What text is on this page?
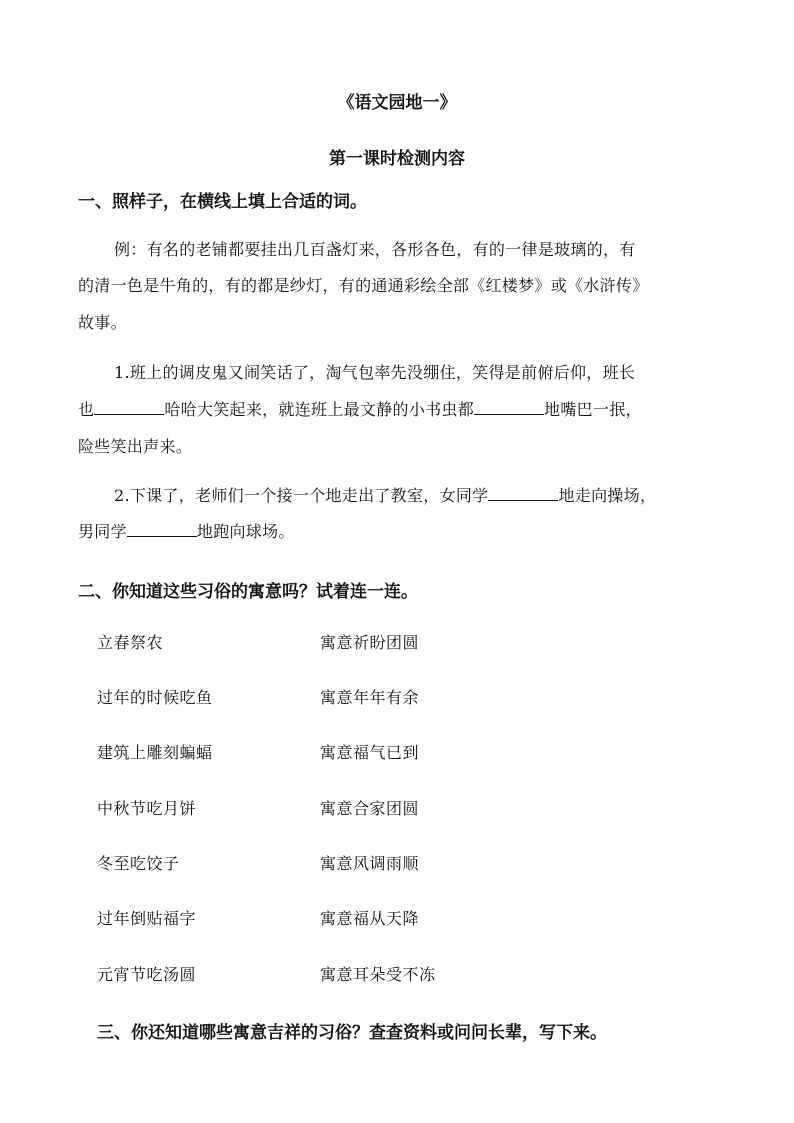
《语文园地一》
第一课时检测内容
一、照样子，在横线上填上合适的词。
例：有名的老铺都要挂出几百盏灯来，各形各色，有的一律是玻璃的，有
的清一色是牛角的，有的都是纱灯，有的通通彩绘全部《红楼梦》或《水浒传》
故事。
1.班上的调皮鬼又闹笑话了，淘气包率先没绷住，笑得是前俯后仰，班长
也	哈哈大笑起来，就连班上最文静的小书虫都	地嘴巴一抿，
险些笑出声来。
2.下课了，老师们一个接一个地走出了教室，女同学	地走向操场，
男同学	地跑向球场。
二、你知道这些习俗的寓意吗？试着连一连。
立春祭农	寓意祈盼团圆
过年的时候吃鱼	寓意年年有余
建筑上雕刻蝙蝠	寓意福气已到
中秋节吃月饼	寓意合家团圆
冬至吃饺子	寓意风调雨顺
过年倒贴福字	寓意福从天降
元宵节吃汤圆	寓意耳朵受不冻
三、你还知道哪些寓意吉祥的习俗？查查资料或问问长辈，写下来。
